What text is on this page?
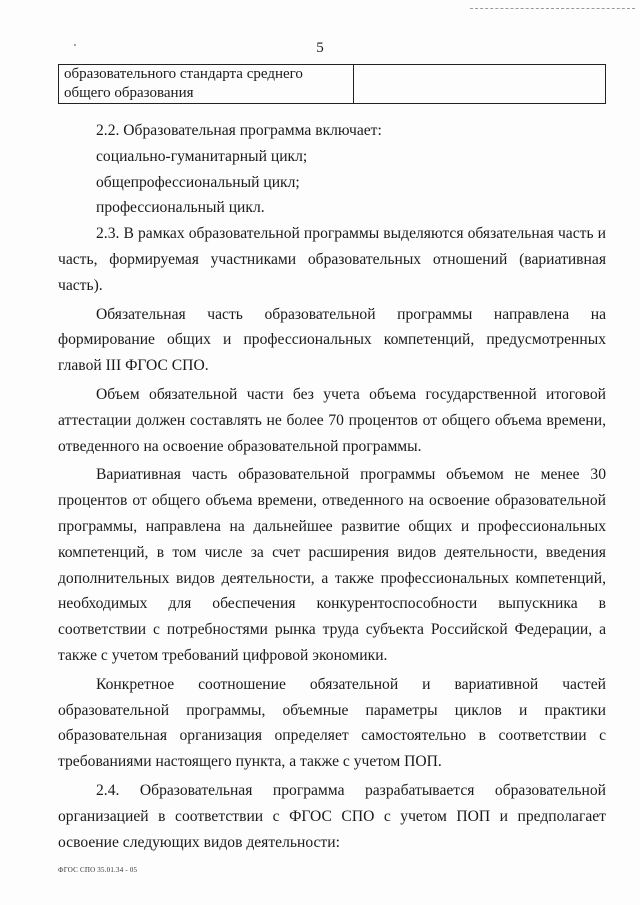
5
образовательного стандарта среднего общего образования	

2.2. Образовательная программа включает:

социально-гуманитарный цикл;

общепрофессиональный цикл;

профессиональный цикл.

2.3. В рамках образовательной программы выделяются обязательная часть и часть, формируемая участниками образовательных отношений (вариативная часть).

Обязательная часть образовательной программы направлена на формирование общих и профессиональных компетенций, предусмотренных главой III ФГОС СПО.

Объем обязательной части без учета объема государственной итоговой аттестации должен составлять не более 70 процентов от общего объема времени, отведенного на освоение образовательной программы.

Вариативная часть образовательной программы объемом не менее 30 процентов от общего объема времени, отведенного на освоение образовательной программы, направлена на дальнейшее развитие общих и профессиональных компетенций, в том числе за счет расширения видов деятельности, введения дополнительных видов деятельности, а также профессиональных компетенций, необходимых для обеспечения конкурентоспособности выпускника в соответствии с потребностями рынка труда субъекта Российской Федерации, а также с учетом требований цифровой экономики.

Конкретное соотношение обязательной и вариативной частей образовательной программы, объемные параметры циклов и практики образовательная организация определяет самостоятельно в соответствии с требованиями настоящего пункта, а также с учетом ПОП.

2.4. Образовательная программа разрабатывается образовательной организацией в соответствии с ФГОС СПО с учетом ПОП и предполагает освоение следующих видов деятельности:

ФГОС СПО 35.01.34 - 05
